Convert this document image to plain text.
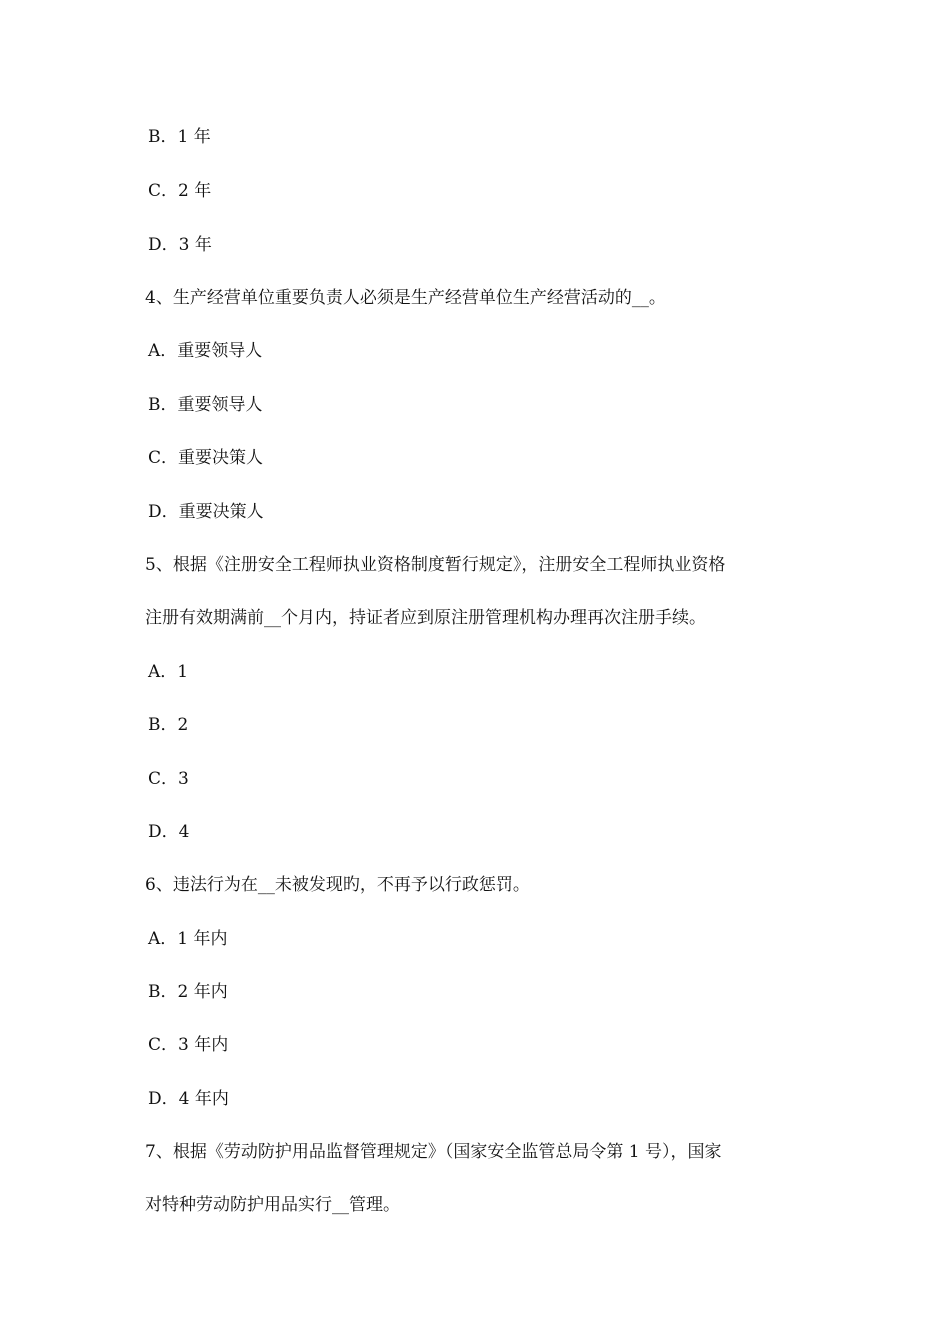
B．1 年
C．2 年
D．3 年
4、生产经营单位重要负责人必须是生产经营单位生产经营活动的__。
A．重要领导人
B．重要领导人
C．重要决策人
D．重要决策人
5、根据《注册安全工程师执业资格制度暂行规定》，注册安全工程师执业资格
注册有效期满前__个月内，持证者应到原注册管理机构办理再次注册手续。
A．1
B．2
C．3
D．4
6、违法行为在__未被发现旳，不再予以行政惩罚。
A．1 年内
B．2 年内
C．3 年内
D．4 年内
7、根据《劳动防护用品监督管理规定》（国家安全监管总局令第 1 号），国家
对特种劳动防护用品实行__管理。
